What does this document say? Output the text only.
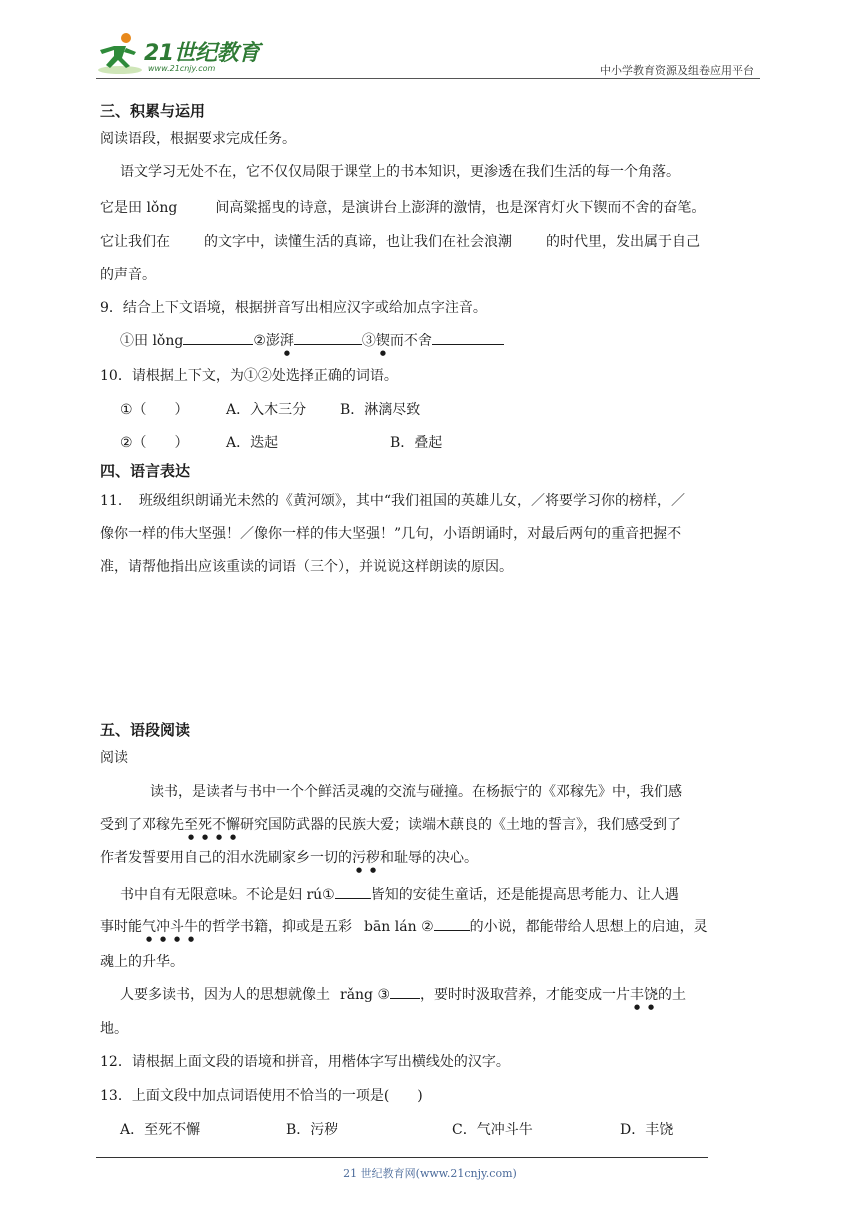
21世纪教育
www.21cnjy.com	中小学教育资源及组卷应用平台
三、积累与运用
阅读语段，根据要求完成任务。
语文学习无处不在，它不仅仅局限于课堂上的书本知识，更渗透在我们生活的每一个角落。
它是田 lǒng	间高粱摇曳的诗意，是演讲台上澎湃的激情，也是深宵灯火下锲而不舍的奋笔。
它让我们在 的文字中，读懂生活的真谛，也让我们在社会浪潮 的时代里，发出属于自己
的声音。
9．结合上下文语境，根据拼音写出相应汉字或给加点字注音。
①田 lǒng	②澎湃	③锲而不舍
10．请根据上下文，为①②处选择正确的词语。
①（　　）	A．入木三分 B．淋漓尽致
②（　　）	A．迭起	B．叠起
四、语言表达
11．　班级组织朗诵光未然的《黄河颂》，其中“我们祖国的英雄儿女，／将要学习你的榜样，／
像你一样的伟大坚强！／像你一样的伟大坚强！”几句，小语朗诵时，对最后两句的重音把握不
准，请帮他指出应该重读的词语（三个），并说说这样朗读的原因。
五、语段阅读
阅读
读书，是读者与书中一个个鲜活灵魂的交流与碰撞。在杨振宁的《邓稼先》中，我们感
受到了邓稼先至死不懈研究国防武器的民族大爱；读端木蕻良的《土地的誓言》，我们感受到了
作者发誓要用自己的泪水洗刷家乡一切的污秽和耻辱的决心。
书中自有无限意味。不论是妇 rú①	皆知的安徒生童话，还是能提高思考能力、让人遇
事时能气冲斗牛的哲学书籍，抑或是五彩 bān lán ②	的小说，都能带给人思想上的启迪，灵
魂上的升华。
人要多读书，因为人的思想就像土 rǎng ③ ，要时时汲取营养，才能变成一片丰饶的土
地。
12．请根据上面文段的语境和拼音，用楷体字写出横线处的汉字。
13．上面文段中加点词语使用不恰当的一项是(　　)
A．至死不懈	B．污秽	C．气冲斗牛	D．丰饶
21 世纪教育网(www.21cnjy.com)
